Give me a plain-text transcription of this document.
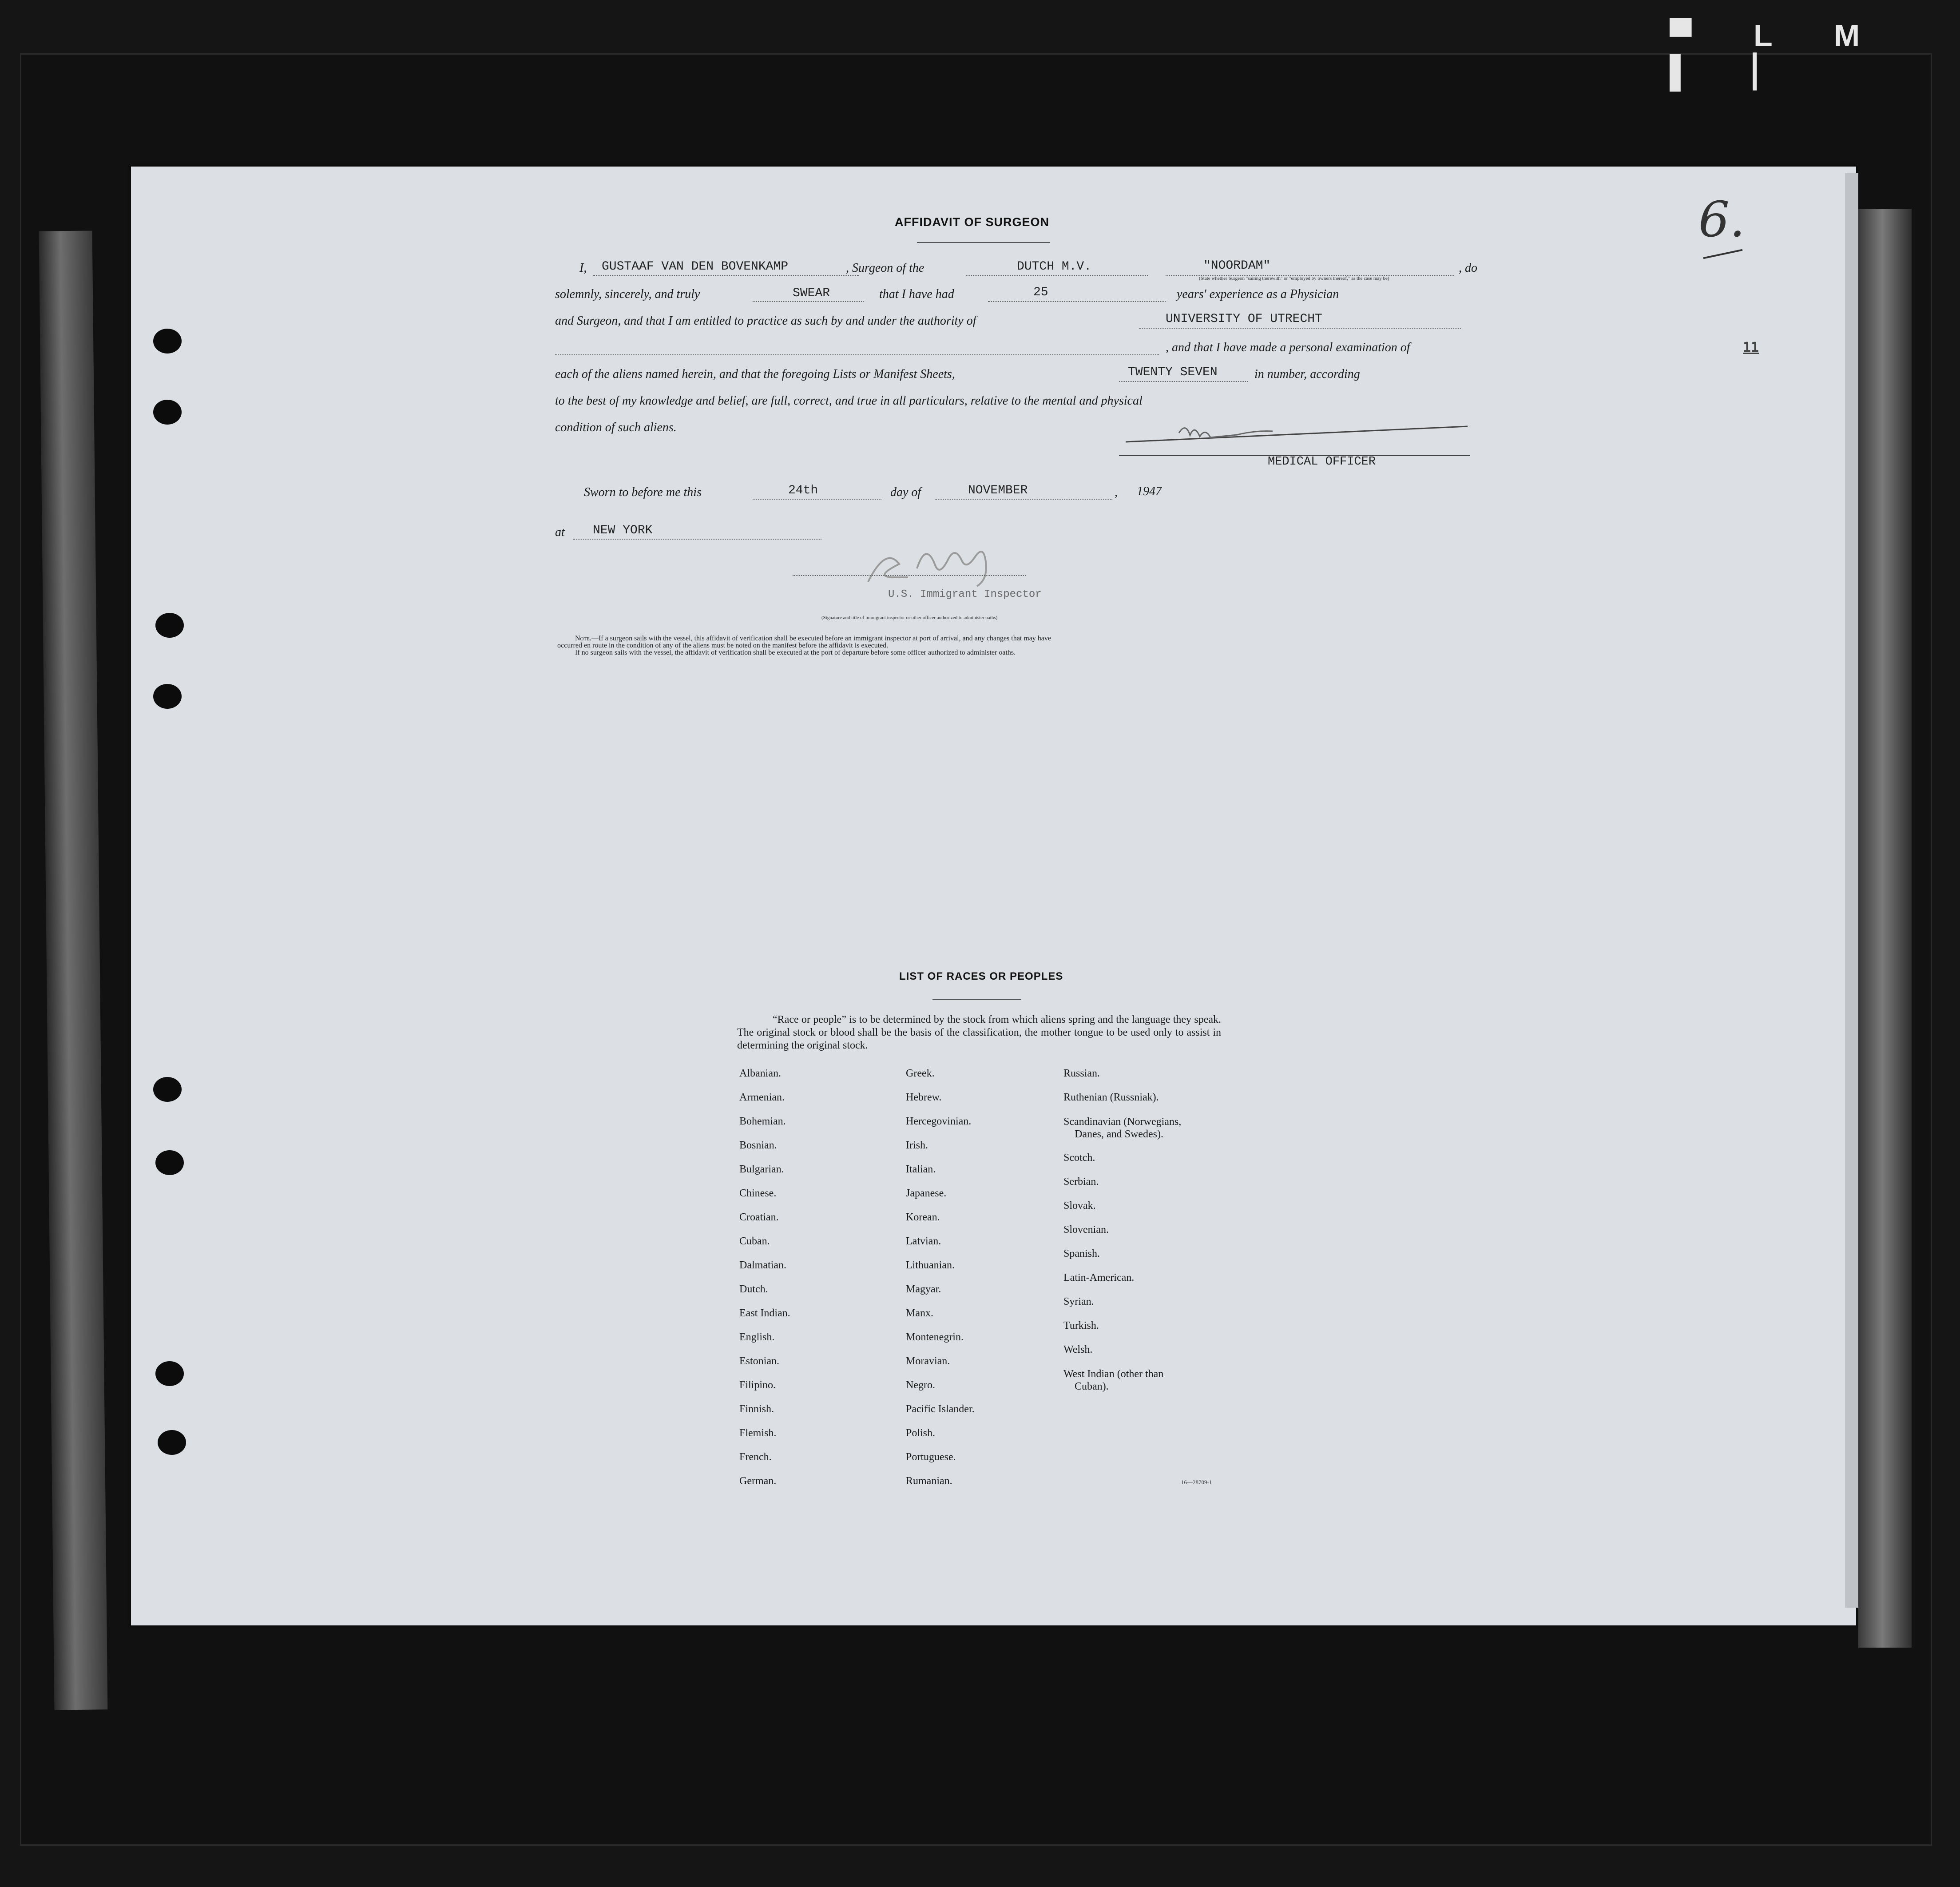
▀ L M ▌ ▏
AFFIDAVIT OF SURGEON
I, GUSTAAF VAN DEN BOVENKAMP	, Surgeon of the	DUTCH M.V.	"NOORDAM"	, do
(State whether Surgeon "sailing therewith" or "employed by owners thereof," as the case may be)
solemnly, sincerely, and truly	SWEAR	that I have had	25	years' experience as a Physician
and Surgeon, and that I am entitled to practice as such by and under the authority of	UNIVERSITY OF UTRECHT
, and that I have made a personal examination of
each of the aliens named herein, and that the foregoing Lists or Manifest Sheets,	TWENTY SEVEN	in number, according
to the best of my knowledge and belief, are full, correct, and true in all particulars, relative to the mental and physical
condition of such aliens.
MEDICAL OFFICER
Sworn to before me this	24th	day of	NOVEMBER	, 1947
at NEW YORK
U.S. Immigrant Inspector
(Signature and title of immigrant inspector or other officer authorized to administer oaths)
Note.—If a surgeon sails with the vessel, this affidavit of verification shall be executed before an immigrant inspector at port of arrival, and any changes that may have
occurred en route in the condition of any of the aliens must be noted on the manifest before the affidavit is executed.
If no surgeon sails with the vessel, the affidavit of verification shall be executed at the port of departure before some officer authorized to administer oaths.
6.
11
LIST OF RACES OR PEOPLES
“Race or people” is to be determined by the stock from which aliens spring and the language they speak. The original stock or blood shall be the basis of the classification, the mother tongue to be used only to assist in determining the original stock.
Albanian.
Armenian.
Bohemian.
Bosnian.
Bulgarian.
Chinese.
Croatian.
Cuban.
Dalmatian.
Dutch.
East Indian.
English.
Estonian.
Filipino.
Finnish.
Flemish.
French.
German.
Greek.
Hebrew.
Hercegovinian.
Irish.
Italian.
Japanese.
Korean.
Latvian.
Lithuanian.
Magyar.
Manx.
Montenegrin.
Moravian.
Negro.
Pacific Islander.
Polish.
Portuguese.
Rumanian.
Russian.
Ruthenian (Russniak).
Scandinavian (Norwegians,
Danes, and Swedes).
Scotch.
Serbian.
Slovak.
Slovenian.
Spanish.
Latin-American.
Syrian.
Turkish.
Welsh.
West Indian (other than
Cuban).
16—28709-1
